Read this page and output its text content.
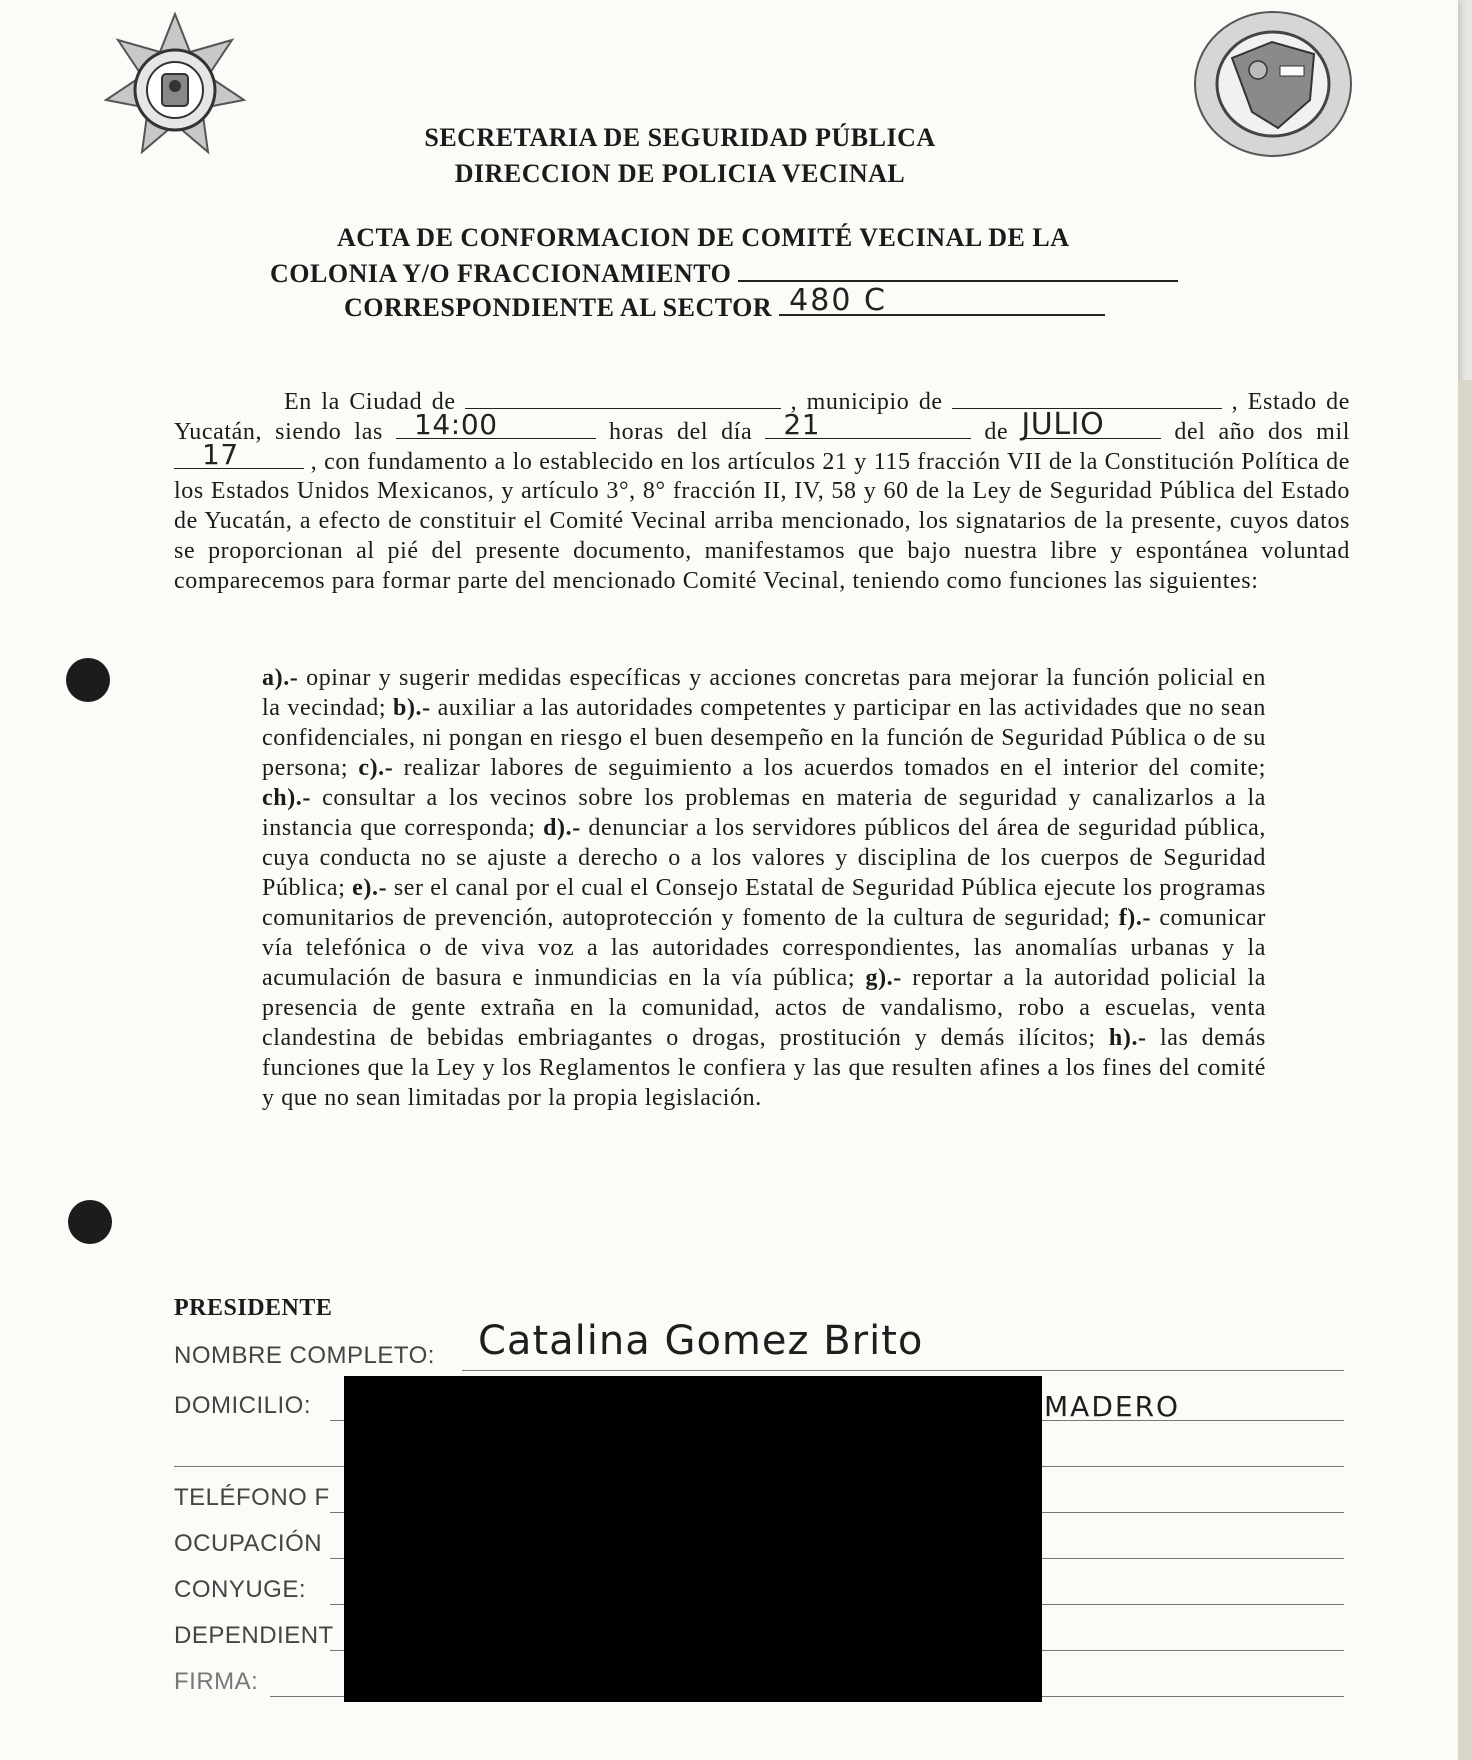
SECRETARIA DE SEGURIDAD PÚBLICA
DIRECCION DE POLICIA VECINAL
ACTA DE CONFORMACION DE COMITÉ VECINAL DE LA
COLONIA Y/O FRACCIONAMIENTO
CORRESPONDIENTE AL SECTOR 480 C
En la Ciudad de	, municipio de	, Estado de Yucatán, siendo las 14:00	horas del día 21	de JULIO	del año dos mil
17	, con fundamento a lo establecido en los artículos 21 y 115 fracción VII de la Constitución Política de los Estados Unidos Mexicanos, y artículo 3°, 8° fracción II, IV, 58 y 60 de la Ley de Seguridad Pública del Estado de Yucatán, a efecto de constituir el Comité Vecinal arriba mencionado, los signatarios de la presente, cuyos datos se proporcionan al pié del presente documento, manifestamos que bajo nuestra libre y espontánea voluntad comparecemos para formar parte del mencionado Comité Vecinal, teniendo como funciones las siguientes:
a).- opinar y sugerir medidas específicas y acciones concretas para mejorar la función policial en la vecindad; b).- auxiliar a las autoridades competentes y participar en las actividades que no sean confidenciales, ni pongan en riesgo el buen desempeño en la función de Seguridad Pública o de su persona; c).- realizar labores de seguimiento a los acuerdos tomados en el interior del comite; ch).- consultar a los vecinos sobre los problemas en materia de seguridad y canalizarlos a la instancia que corresponda; d).- denunciar a los servidores públicos del área de seguridad pública, cuya conducta no se ajuste a derecho o a los valores y disciplina de los cuerpos de Seguridad Pública; e).- ser el canal por el cual el Consejo Estatal de Seguridad Pública ejecute los programas comunitarios de prevención, autoprotección y fomento de la cultura de seguridad; f).- comunicar vía telefónica o de viva voz a las autoridades correspondientes, las anomalías urbanas y la acumulación de basura e inmundicias en la vía pública; g).- reportar a la autoridad policial la presencia de gente extraña en la comunidad, actos de vandalismo, robo a escuelas, venta clandestina de bebidas embriagantes o drogas, prostitución y demás ilícitos; h).- las demás funciones que la Ley y los Reglamentos le confiera y las que resulten afines a los fines del comité y que no sean limitadas por la propia legislación.
PRESIDENTE
NOMBRE COMPLETO: Catalina Gomez Brito
DOMICILIO:	MADERO
TELÉFONO F
OCUPACIÓN
CONYUGE:
DEPENDIENT
FIRMA:
